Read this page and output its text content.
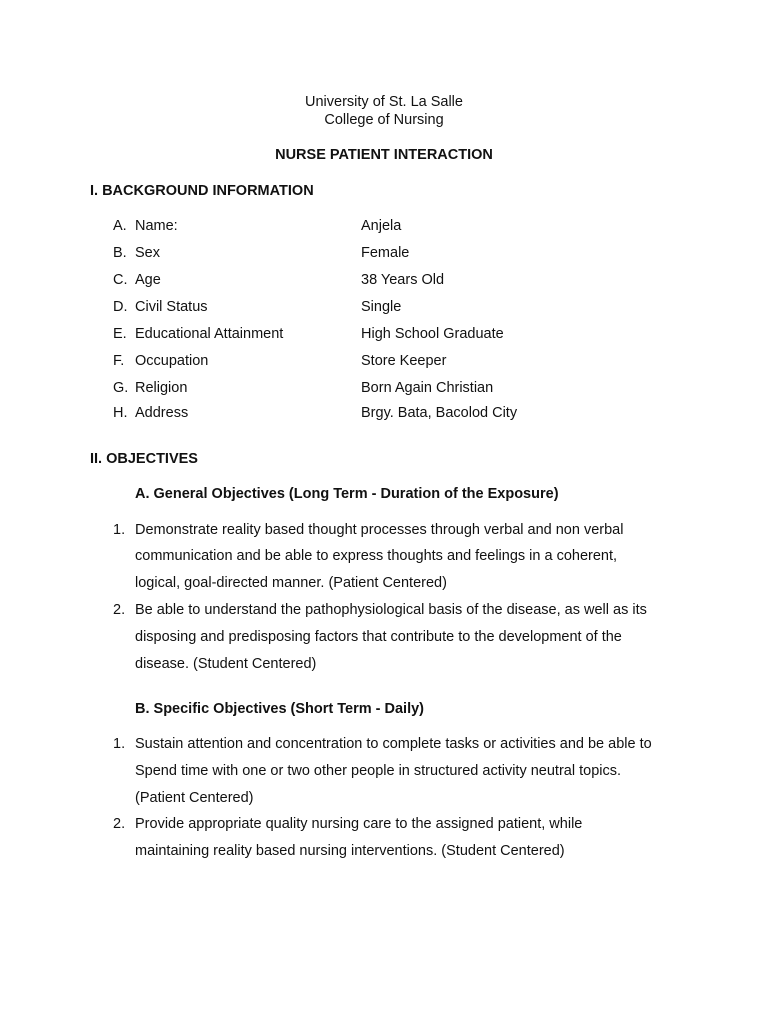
University of St. La Salle
College of Nursing
NURSE PATIENT INTERACTION
I. BACKGROUND INFORMATION
A. Name:	Anjela
B. Sex	Female
C. Age	38 Years Old
D. Civil Status	Single
E. Educational Attainment	High School Graduate
F. Occupation	Store Keeper
G. Religion	Born Again Christian
H. Address	Brgy. Bata, Bacolod City
II. OBJECTIVES
A. General Objectives (Long Term - Duration of the Exposure)
1. Demonstrate reality based thought processes through verbal and non verbal
communication and be able to express thoughts and feelings in a coherent,
logical, goal-directed manner. (Patient Centered)
2. Be able to understand the pathophysiological basis of the disease, as well as its
disposing and predisposing factors that contribute to the development of the
disease. (Student Centered)
B. Specific Objectives (Short Term - Daily)
1. Sustain attention and concentration to complete tasks or activities and be able to
Spend time with one or two other people in structured activity neutral topics.
(Patient Centered)
2. Provide appropriate quality nursing care to the assigned patient, while
maintaining reality based nursing interventions. (Student Centered)
